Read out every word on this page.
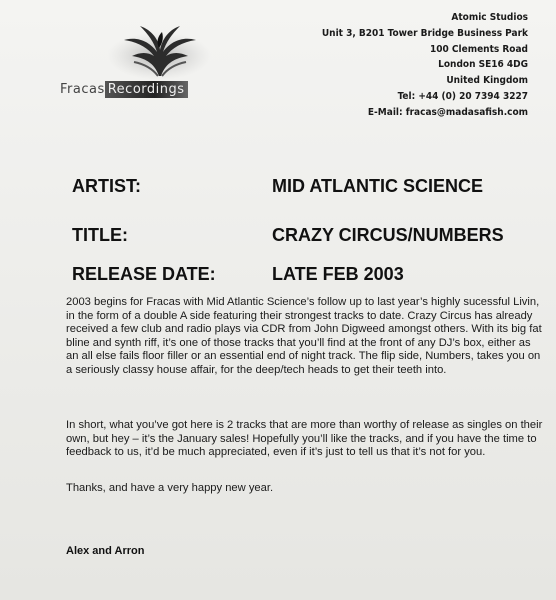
Fracas Recordings
Atomic Studios
Unit 3, B201 Tower Bridge Business Park
100 Clements Road
London SE16 4DG
United Kingdom
Tel: +44 (0) 20 7394 3227
E-Mail: fracas@madasafish.com
ARTIST:	MID ATLANTIC SCIENCE
TITLE:	CRAZY CIRCUS/NUMBERS
RELEASE DATE:	LATE FEB 2003
2003 begins for Fracas with Mid Atlantic Science’s follow up to last year’s highly sucessful Livin, in the form of a double A side featuring their strongest tracks to date. Crazy Circus has already received a few club and radio plays via CDR from John Digweed amongst others. With its big fat bline and synth riff, it’s one of those tracks that you’ll find at the front of any DJ’s box, either as an all else fails floor filler or an essential end of night track. The flip side, Numbers, takes you on a seriously classy house affair, for the deep/tech heads to get their teeth into.
In short, what you’ve got here is 2 tracks that are more than worthy of release as singles on their own, but hey – it’s the January sales! Hopefully you’ll like the tracks, and if you have the time to feedback to us, it’d be much appreciated, even if it’s just to tell us that it’s not for you.
Thanks, and have a very happy new year.
Alex and Arron
